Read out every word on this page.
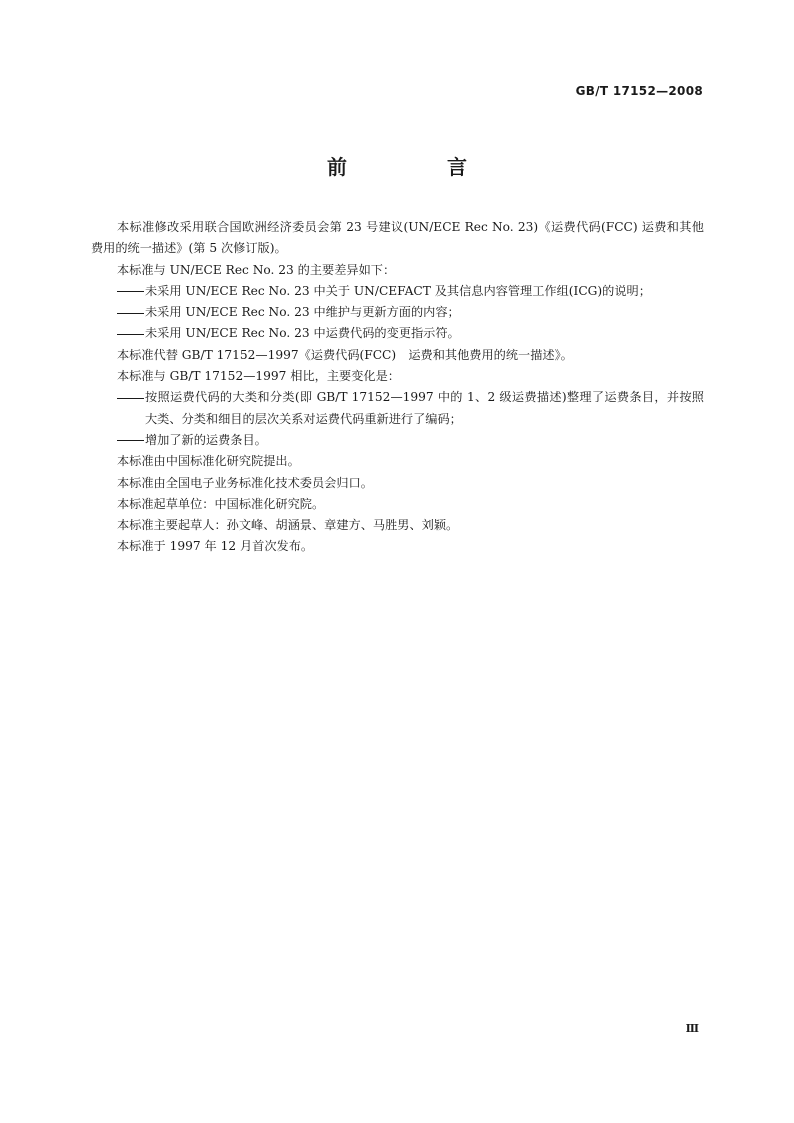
GB/T 17152—2008
前　言

本标准修改采用联合国欧洲经济委员会第 23 号建议(UN/ECE Rec No. 23)《运费代码(FCC) 运费和其他费用的统一描述》(第 5 次修订版)。

本标准与 UN/ECE Rec No. 23 的主要差异如下：

未采用 UN/ECE Rec No. 23 中关于 UN/CEFACT 及其信息内容管理工作组(ICG)的说明；

未采用 UN/ECE Rec No. 23 中维护与更新方面的内容；

未采用 UN/ECE Rec No. 23 中运费代码的变更指示符。

本标准代替 GB/T 17152—1997《运费代码(FCC)　运费和其他费用的统一描述》。

本标准与 GB/T 17152—1997 相比，主要变化是：

按照运费代码的大类和分类(即 GB/T 17152—1997 中的 1、2 级运费描述)整理了运费条目，并按照大类、分类和细目的层次关系对运费代码重新进行了编码；

增加了新的运费条目。

本标准由中国标准化研究院提出。

本标准由全国电子业务标准化技术委员会归口。

本标准起草单位：中国标准化研究院。

本标准主要起草人：孙文峰、胡涵景、章建方、马胜男、刘颖。

本标准于 1997 年 12 月首次发布。

Ⅲ
